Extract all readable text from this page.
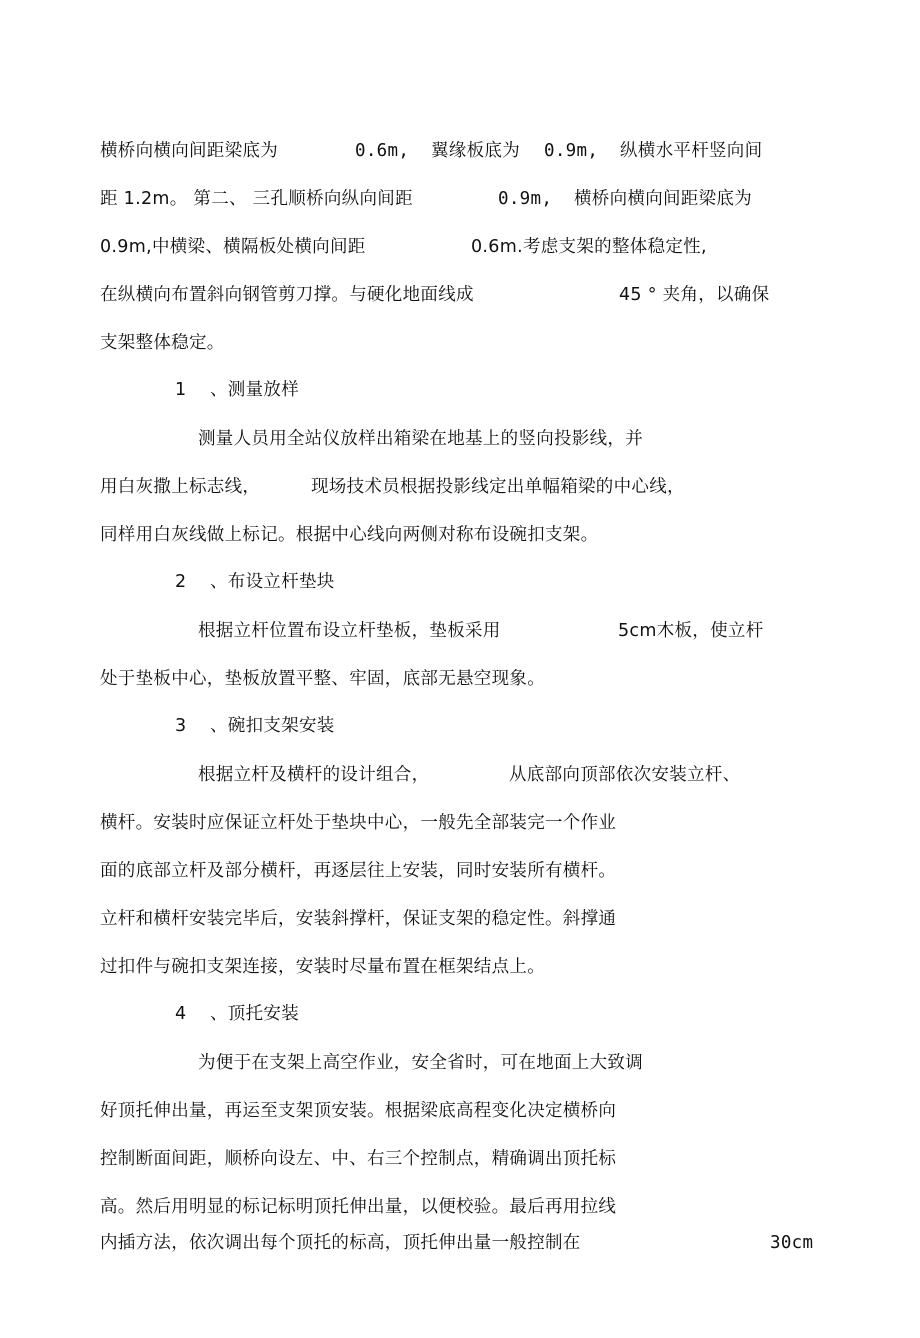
横桥向横向间距梁底为	0.6m, 翼缘板底为 0.9m, 纵横水平杆竖向间
距 1.2m。 第二、 三孔顺桥向纵向间距	0.9m, 横桥向横向间距梁底为
0.9m,中横梁、横隔板处横向间距	0.6m.考虑支架的整体稳定性,
在纵横向布置斜向钢管剪刀撑。与硬化地面线成	45 ° 夹角，以确保
支架整体稳定。
1 、测量放样
测量人员用全站仪放样出箱梁在地基上的竖向投影线，并
用白灰撒上标志线，	现场技术员根据投影线定出单幅箱梁的中心线，
同样用白灰线做上标记。根据中心线向两侧对称布设碗扣支架。
2 、布设立杆垫块
根据立杆位置布设立杆垫板，垫板采用	5cm木板，使立杆
处于垫板中心，垫板放置平整、牢固，底部无悬空现象。
3 、碗扣支架安装
根据立杆及横杆的设计组合，	从底部向顶部依次安装立杆、
横杆。安装时应保证立杆处于垫块中心，一般先全部装完一个作业
面的底部立杆及部分横杆，再逐层往上安装，同时安装所有横杆。
立杆和横杆安装完毕后，安装斜撑杆，保证支架的稳定性。斜撑通
过扣件与碗扣支架连接，安装时尽量布置在框架结点上。
4 、顶托安装
为便于在支架上高空作业，安全省时，可在地面上大致调
好顶托伸出量，再运至支架顶安装。根据梁底高程变化决定横桥向
控制断面间距，顺桥向设左、中、右三个控制点，精确调出顶托标
高。然后用明显的标记标明顶托伸出量，以便校验。最后再用拉线
内插方法，依次调出每个顶托的标高，顶托伸出量一般控制在	30cm
